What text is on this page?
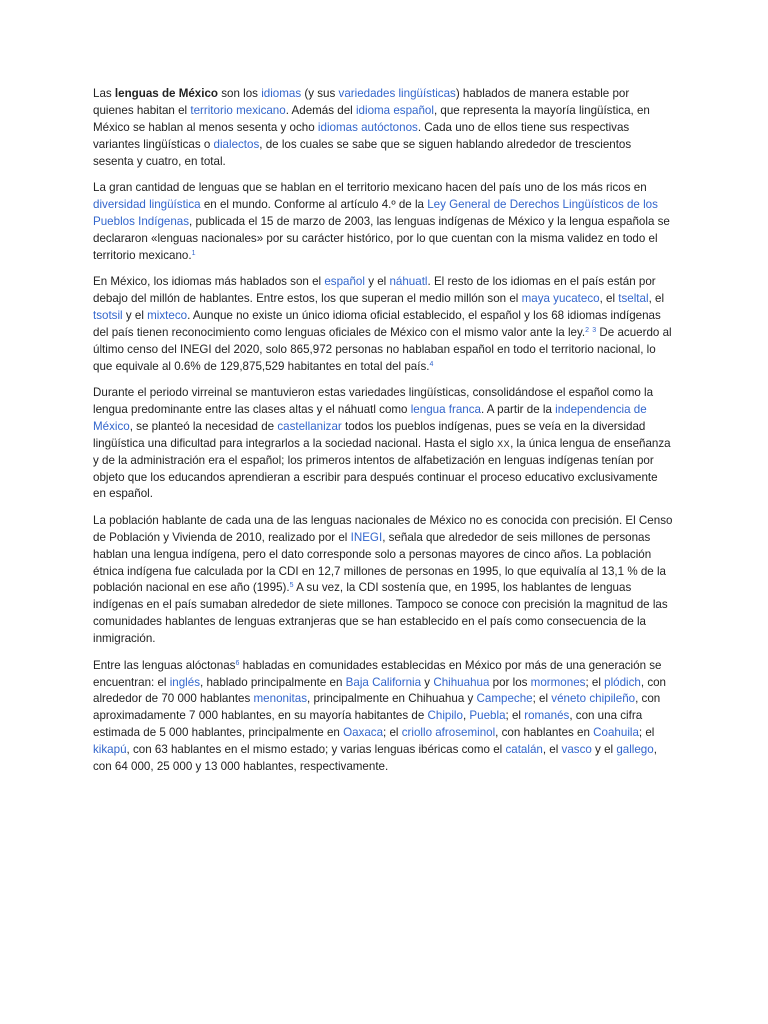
Las lenguas de México son los idiomas (y sus variedades lingüísticas) hablados de manera estable por quienes habitan el territorio mexicano. Además del idioma español, que representa la mayoría lingüística, en México se hablan al menos sesenta y ocho idiomas autóctonos. Cada uno de ellos tiene sus respectivas variantes lingüísticas o dialectos, de los cuales se sabe que se siguen hablando alrededor de trescientos sesenta y cuatro, en total.

La gran cantidad de lenguas que se hablan en el territorio mexicano hacen del país uno de los más ricos en diversidad lingüística en el mundo. Conforme al artículo 4.º de la Ley General de Derechos Lingüísticos de los Pueblos Indígenas, publicada el 15 de marzo de 2003, las lenguas indígenas de México y la lengua española se declararon «lenguas nacionales» por su carácter histórico, por lo que cuentan con la misma validez en todo el territorio mexicano.$^1$

En México, los idiomas más hablados son el español y el náhuatl. El resto de los idiomas en el país están por debajo del millón de hablantes. Entre estos, los que superan el medio millón son el maya yucateco, el tseltal, el tsotsil y el mixteco. Aunque no existe un único idioma oficial establecido, el español y los 68 idiomas indígenas del país tienen reconocimiento como lenguas oficiales de México con el mismo valor ante la ley.$^2$ $^3$ De acuerdo al último censo del INEGI del 2020, solo 865,972 personas no hablaban español en todo el territorio nacional, lo que equivale al 0.6% de 129,875,529 habitantes en total del país.$^4$

Durante el periodo virreinal se mantuvieron estas variedades lingüísticas, consolidándose el español como la lengua predominante entre las clases altas y el náhuatl como lengua franca. A partir de la independencia de México, se planteó la necesidad de castellanizar todos los pueblos indígenas, pues se veía en la diversidad lingüística una dificultad para integrarlos a la sociedad nacional. Hasta el siglo XX, la única lengua de enseñanza y de la administración era el español; los primeros intentos de alfabetización en lenguas indígenas tenían por objeto que los educandos aprendieran a escribir para después continuar el proceso educativo exclusivamente en español.

La población hablante de cada una de las lenguas nacionales de México no es conocida con precisión. El Censo de Población y Vivienda de 2010, realizado por el INEGI, señala que alrededor de seis millones de personas hablan una lengua indígena, pero el dato corresponde solo a personas mayores de cinco años. La población étnica indígena fue calculada por la CDI en 12,7 millones de personas en 1995, lo que equivalía al 13,1 % de la población nacional en ese año (1995).$^5$ A su vez, la CDI sostenía que, en 1995, los hablantes de lenguas indígenas en el país sumaban alrededor de siete millones. Tampoco se conoce con precisión la magnitud de las comunidades hablantes de lenguas extranjeras que se han establecido en el país como consecuencia de la inmigración.

Entre las lenguas alóctonas$^6$ habladas en comunidades establecidas en México por más de una generación se encuentran: el inglés, hablado principalmente en Baja California y Chihuahua por los mormones; el plódich, con alrededor de 70 000 hablantes menonitas, principalmente en Chihuahua y Campeche; el véneto chipileño, con aproximadamente 7 000 hablantes, en su mayoría habitantes de Chipilo, Puebla; el romanés, con una cifra estimada de 5 000 hablantes, principalmente en Oaxaca; el criollo afroseminol, con hablantes en Coahuila; el kikapú, con 63 hablantes en el mismo estado; y varias lenguas ibéricas como el catalán, el vasco y el gallego, con 64 000, 25 000 y 13 000 hablantes, respectivamente.
